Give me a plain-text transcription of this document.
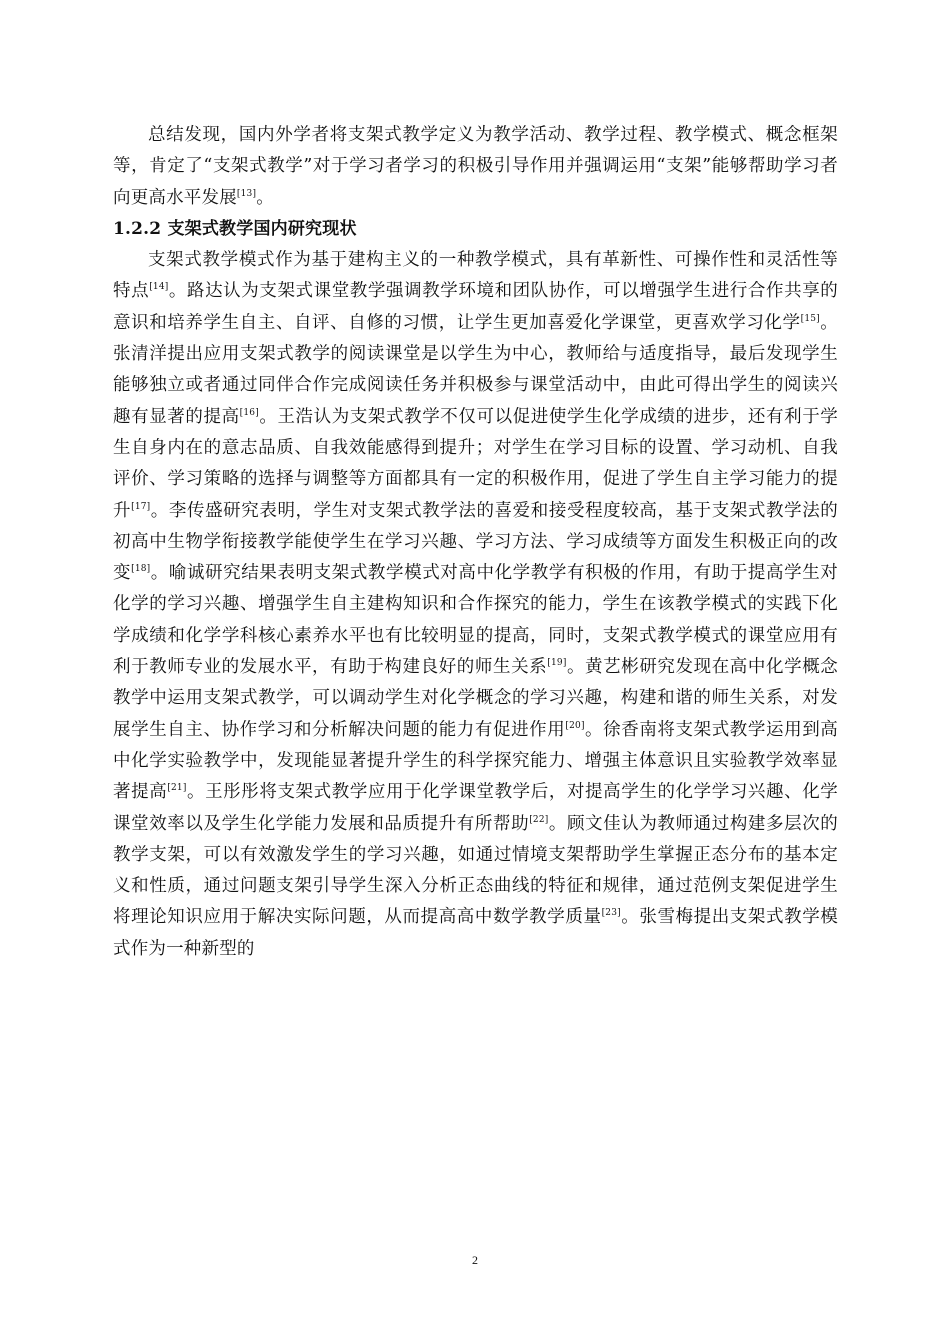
总结发现，国内外学者将支架式教学定义为教学活动、教学过程、教学模式、概念框架等，肯定了“支架式教学”对于学习者学习的积极引导作用并强调运用“支架”能够帮助学习者向更高水平发展[13]。

1.2.2 支架式教学国内研究现状

支架式教学模式作为基于建构主义的一种教学模式，具有革新性、可操作性和灵活性等特点[14]。路达认为支架式课堂教学强调教学环境和团队协作，可以增强学生进行合作共享的意识和培养学生自主、自评、自修的习惯，让学生更加喜爱化学课堂，更喜欢学习化学[15]。张清洋提出应用支架式教学的阅读课堂是以学生为中心，教师给与适度指导，最后发现学生能够独立或者通过同伴合作完成阅读任务并积极参与课堂活动中，由此可得出学生的阅读兴趣有显著的提高[16]。王浩认为支架式教学不仅可以促进使学生化学成绩的进步，还有利于学生自身内在的意志品质、自我效能感得到提升；对学生在学习目标的设置、学习动机、自我评价、学习策略的选择与调整等方面都具有一定的积极作用，促进了学生自主学习能力的提升[17]。李传盛研究表明，学生对支架式教学法的喜爱和接受程度较高，基于支架式教学法的初高中生物学衔接教学能使学生在学习兴趣、学习方法、学习成绩等方面发生积极正向的改变[18]。喻诚研究结果表明支架式教学模式对高中化学教学有积极的作用，有助于提高学生对化学的学习兴趣、增强学生自主建构知识和合作探究的能力，学生在该教学模式的实践下化学成绩和化学学科核心素养水平也有比较明显的提高，同时，支架式教学模式的课堂应用有利于教师专业的发展水平，有助于构建良好的师生关系[19]。黄艺彬研究发现在高中化学概念教学中运用支架式教学，可以调动学生对化学概念的学习兴趣，构建和谐的师生关系，对发展学生自主、协作学习和分析解决问题的能力有促进作用[20]。徐香南将支架式教学运用到高中化学实验教学中，发现能显著提升学生的科学探究能力、增强主体意识且实验教学效率显著提高[21]。王彤彤将支架式教学应用于化学课堂教学后，对提高学生的化学学习兴趣、化学课堂效率以及学生化学能力发展和品质提升有所帮助[22]。顾文佳认为教师通过构建多层次的教学支架，可以有效激发学生的学习兴趣，如通过情境支架帮助学生掌握正态分布的基本定义和性质，通过问题支架引导学生深入分析正态曲线的特征和规律，通过范例支架促进学生将理论知识应用于解决实际问题，从而提高高中数学教学质量[23]。张雪梅提出支架式教学模式作为一种新型的

2
